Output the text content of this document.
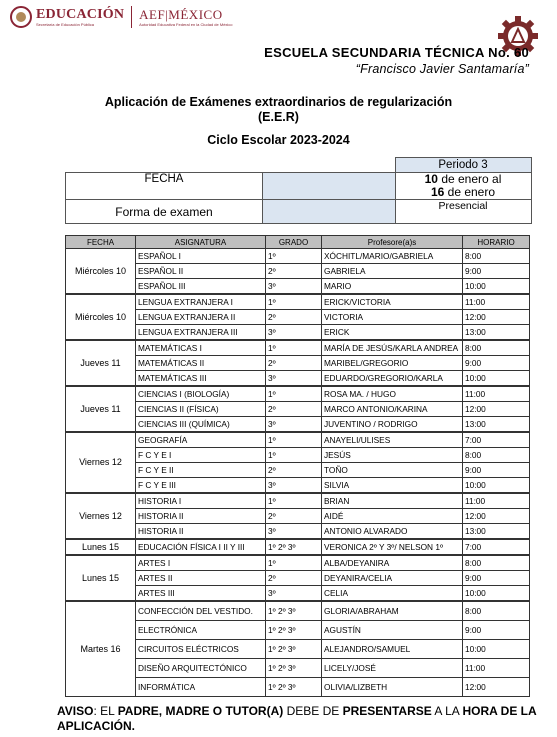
EDUCACIÓN
Secretaría de Educación Pública
AEF|MÉXICO
Autoridad Educativa Federal en la Ciudad de México
ESCUELA SECUNDARIA TÉCNICA No. 60
“Francisco Javier Santamaría”
Aplicación de Exámenes extraordinarios de regularización
(E.E.R)
Ciclo Escolar 2023-2024
		Periodo 3
FECHA		10 de enero al
16 de enero
Forma de examen		Presencial
FECHA	ASIGNATURA	GRADO	Profesore(a)s	HORARIO
Miércoles 10	ESPAÑOL I	1º	XÓCHITL/MARIO/GABRIELA	8:00
	ESPAÑOL II	2º	GABRIELA	9:00
	ESPAÑOL III	3º	MARIO	10:00
Miércoles 10	LENGUA EXTRANJERA I	1º	ERICK/VICTORIA	11:00
	LENGUA EXTRANJERA II	2º	VICTORIA	12:00
	LENGUA EXTRANJERA III	3º	ERICK	13:00
Jueves 11	MATEMÁTICAS I	1º	MARÍA DE JESÚS/KARLA ANDREA	8:00
	MATEMÁTICAS II	2º	MARIBEL/GREGORIO	9:00
	MATEMÁTICAS III	3º	EDUARDO/GREGORIO/KARLA	10:00
Jueves 11	CIENCIAS I (BIOLOGÍA)	1º	ROSA MA. / HUGO	11:00
	CIENCIAS II (FÍSICA)	2º	MARCO ANTONIO/KARINA	12:00
	CIENCIAS III (QUÍMICA)	3º	JUVENTINO / RODRIGO	13:00
Viernes 12	GEOGRAFÍA	1º	ANAYELI/ULISES	7:00
	F C Y E I	1º	JESÚS	8:00
	F C Y E II	2º	TOÑO	9:00
	F C Y E III	3º	SILVIA	10:00
Viernes 12	HISTORIA I	1º	BRIAN	11:00
	HISTORIA II	2º	AIDÉ	12:00
	HISTORIA II	3º	ANTONIO ALVARADO	13:00
Lunes 15	EDUCACIÓN FÍSICA I II Y III	1º 2º 3º	VERONICA 2º Y 3º/ NELSON 1º	7:00
Lunes 15	ARTES I	1º	ALBA/DEYANIRA	8:00
	ARTES II	2º	DEYANIRA/CELIA	9:00
	ARTES III	3º	CELIA	10:00
Martes 16	CONFECCIÓN DEL VESTIDO.	1º 2º 3º	GLORIA/ABRAHAM	8:00
	ELECTRÓNICA	1º 2º 3º	AGUSTÍN	9:00
	CIRCUITOS ELÉCTRICOS	1º 2º 3º	ALEJANDRO/SAMUEL	10:00
	DISEÑO ARQUITECTÓNICO	1º 2º 3º	LICELY/JOSÉ	11:00
	INFORMÁTICA	1º 2º 3º	OLIVIA/LIZBETH	12:00
AVISO: EL PADRE, MADRE O TUTOR(A) DEBE DE PRESENTARSE A LA HORA DE LA APLICACIÓN.
